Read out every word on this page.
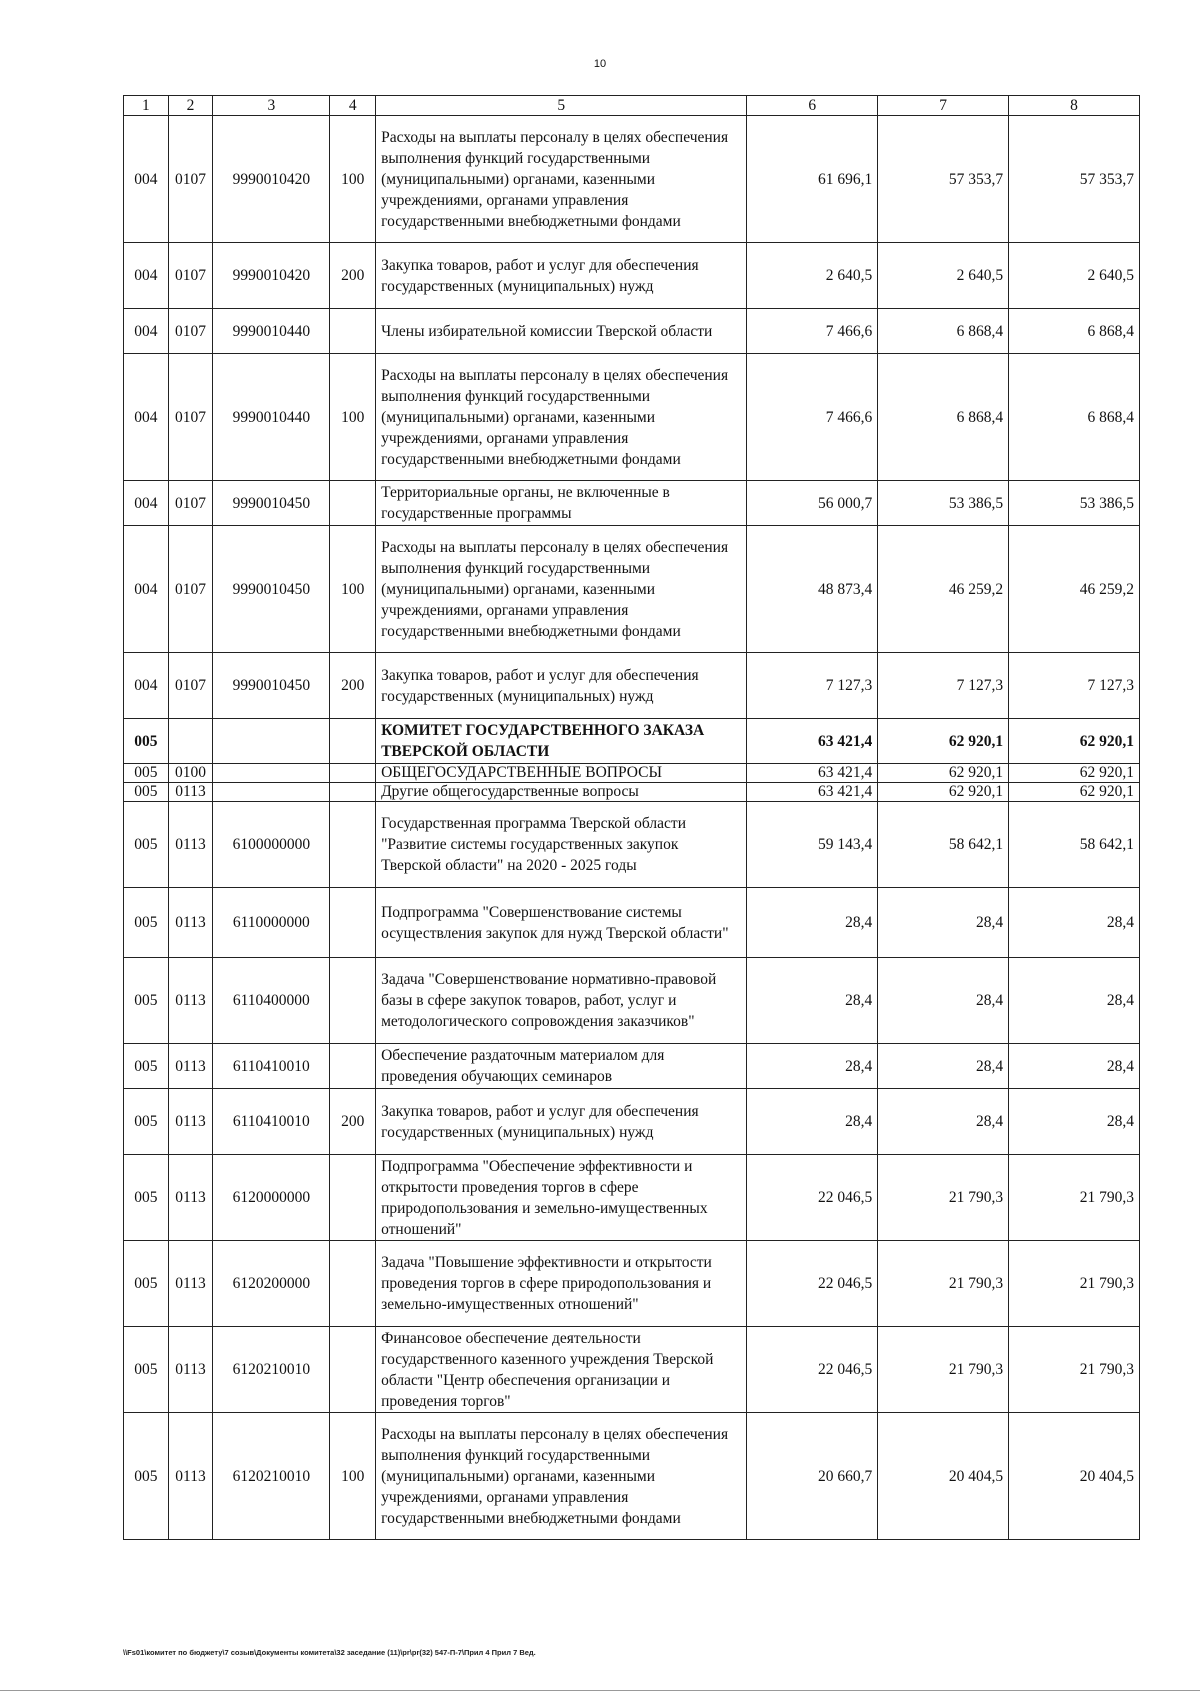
10
1	2	3	4	5	6	7	8
004	0107	9990010420	100	Расходы на выплаты персоналу в целях обеспечения выполнения функций государственными (муниципальными) органами, казенными учреждениями, органами управления государственными внебюджетными фондами	61 696,1	57 353,7	57 353,7
004	0107	9990010420	200	Закупка товаров, работ и услуг для обеспечения государственных (муниципальных) нужд	2 640,5	2 640,5	2 640,5
004	0107	9990010440		Члены избирательной комиссии Тверской области	7 466,6	6 868,4	6 868,4
004	0107	9990010440	100	Расходы на выплаты персоналу в целях обеспечения выполнения функций государственными (муниципальными) органами, казенными учреждениями, органами управления государственными внебюджетными фондами	7 466,6	6 868,4	6 868,4
004	0107	9990010450		Территориальные органы, не включенные в государственные программы	56 000,7	53 386,5	53 386,5
004	0107	9990010450	100	Расходы на выплаты персоналу в целях обеспечения выполнения функций государственными (муниципальными) органами, казенными учреждениями, органами управления государственными внебюджетными фондами	48 873,4	46 259,2	46 259,2
004	0107	9990010450	200	Закупка товаров, работ и услуг для обеспечения государственных (муниципальных) нужд	7 127,3	7 127,3	7 127,3
005				КОМИТЕТ ГОСУДАРСТВЕННОГО ЗАКАЗА ТВЕРСКОЙ ОБЛАСТИ	63 421,4	62 920,1	62 920,1
005	0100			ОБЩЕГОСУДАРСТВЕННЫЕ ВОПРОСЫ	63 421,4	62 920,1	62 920,1
005	0113			Другие общегосударственные вопросы	63 421,4	62 920,1	62 920,1
005	0113	6100000000		Государственная программа Тверской области "Развитие системы государственных закупок Тверской области" на 2020 - 2025 годы	59 143,4	58 642,1	58 642,1
005	0113	6110000000		Подпрограмма "Совершенствование системы осуществления закупок для нужд Тверской области"	28,4	28,4	28,4
005	0113	6110400000		Задача "Совершенствование нормативно-правовой базы в сфере закупок товаров, работ, услуг и методологического сопровождения заказчиков"	28,4	28,4	28,4
005	0113	6110410010		Обеспечение раздаточным материалом для проведения обучающих семинаров	28,4	28,4	28,4
005	0113	6110410010	200	Закупка товаров, работ и услуг для обеспечения государственных (муниципальных) нужд	28,4	28,4	28,4
005	0113	6120000000		Подпрограмма "Обеспечение эффективности и открытости проведения торгов в сфере природопользования и земельно-имущественных отношений"	22 046,5	21 790,3	21 790,3
005	0113	6120200000		Задача "Повышение эффективности и открытости проведения торгов в сфере природопользования и земельно-имущественных отношений"	22 046,5	21 790,3	21 790,3
005	0113	6120210010		Финансовое обеспечение деятельности государственного казенного учреждения Тверской области "Центр обеспечения организации и проведения торгов"	22 046,5	21 790,3	21 790,3
005	0113	6120210010	100	Расходы на выплаты персоналу в целях обеспечения выполнения функций государственными (муниципальными) органами, казенными учреждениями, органами управления государственными внебюджетными фондами	20 660,7	20 404,5	20 404,5
\\Fs01\комитет по бюджету\7 созыв\Документы комитета\32 заседание (11)\pr\pr(32) 547-П-7\Прил 4 Прил 7 Вед.
